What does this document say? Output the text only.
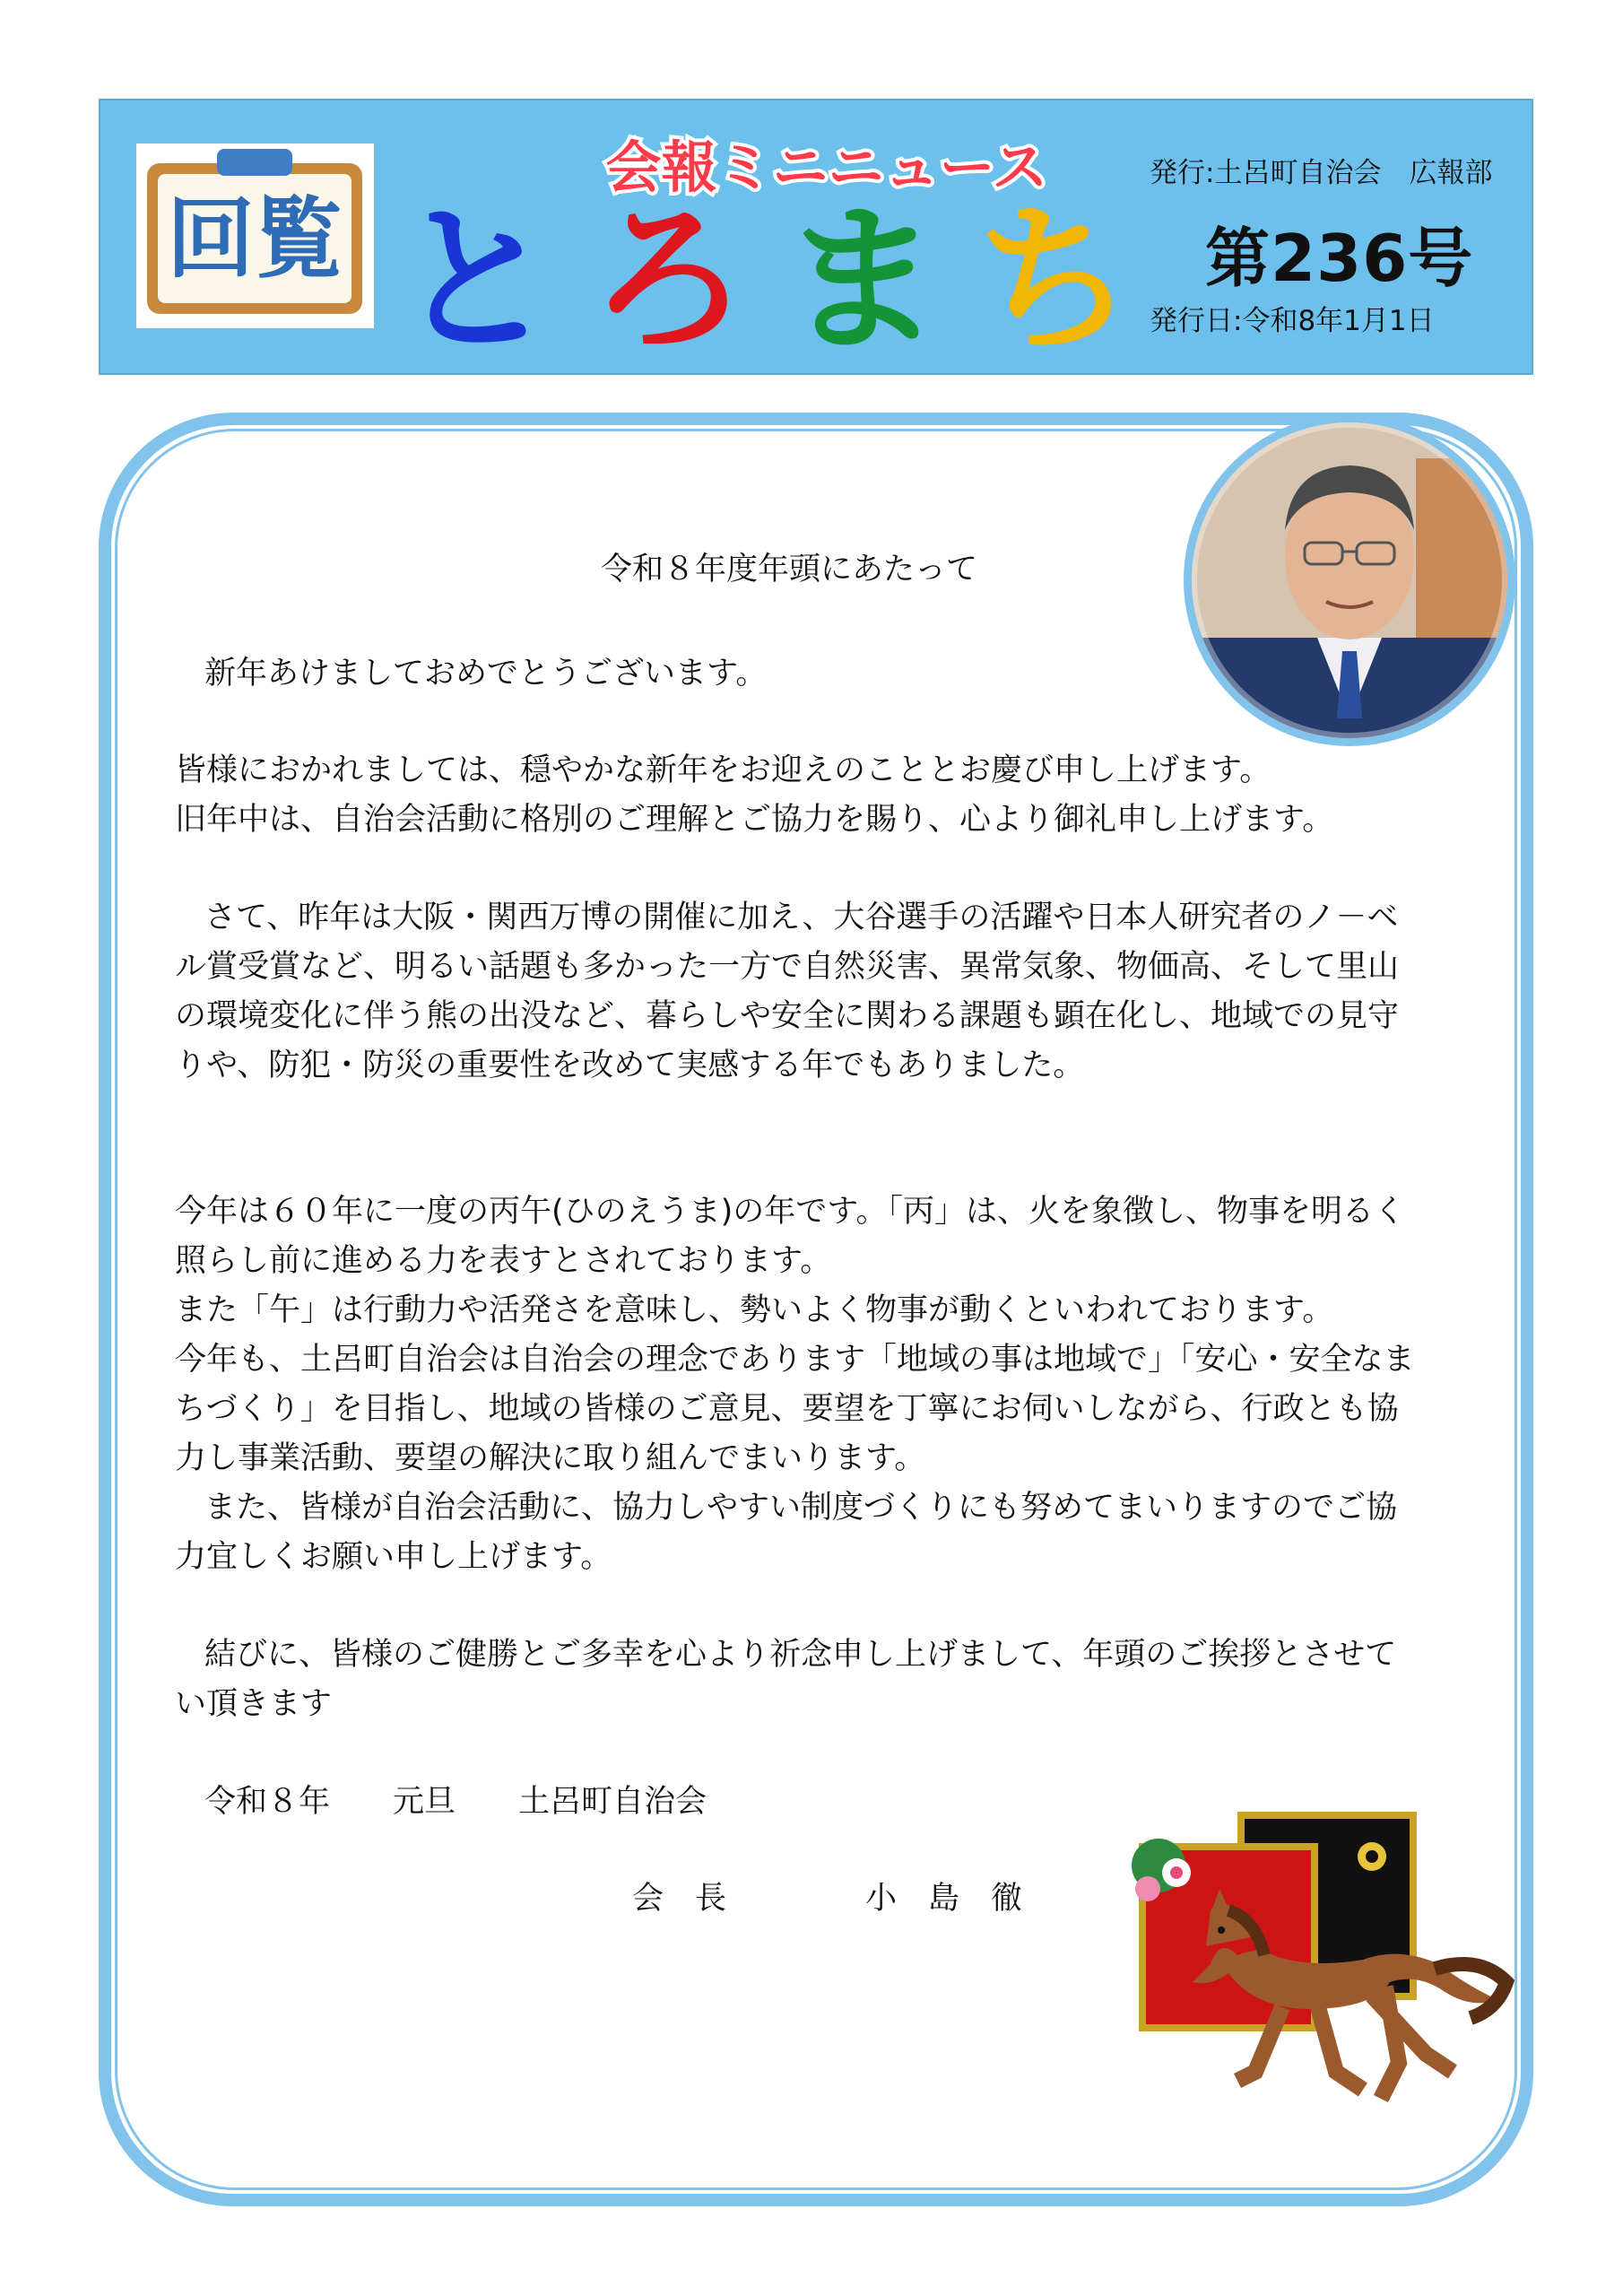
回覧
会報ミニニュース
と ろ ま ち
発行:土呂町自治会　広報部
第236号
発行日:令和8年1月1日
令和８年度年頭にあたって
新年あけましておめでとうございます。
皆様におかれましては、穏やかな新年をお迎えのこととお慶び申し上げます。
旧年中は、自治会活動に格別のご理解とご協力を賜り、心より御礼申し上げます。
さて、昨年は大阪・関西万博の開催に加え、大谷選手の活躍や日本人研究者のノ－ベ
ル賞受賞など、明るい話題も多かった一方で自然災害、異常気象、物価高、そして里山
の環境変化に伴う熊の出没など、暮らしや安全に関わる課題も顕在化し、地域での見守
りや、防犯・防災の重要性を改めて実感する年でもありました。
今年は６０年に一度の丙午(ひのえうま)の年です。「丙」は、火を象徴し、物事を明るく
照らし前に進める力を表すとされております。
また「午」は行動力や活発さを意味し、勢いよく物事が動くといわれております。
今年も、土呂町自治会は自治会の理念であります「地域の事は地域で」「安心・安全なま
ちづくり」を目指し、地域の皆様のご意見、要望を丁寧にお伺いしながら、行政とも協
力し事業活動、要望の解決に取り組んでまいります。
また、皆様が自治会活動に、協力しやすい制度づくりにも努めてまいりますのでご協
力宜しくお願い申し上げます。
結びに、皆様のご健勝とご多幸を心より祈念申し上げまして、年頭のご挨拶とさせて
い頂きます
令和８年　　元旦　　土呂町自治会
会　長	小　島　徹
